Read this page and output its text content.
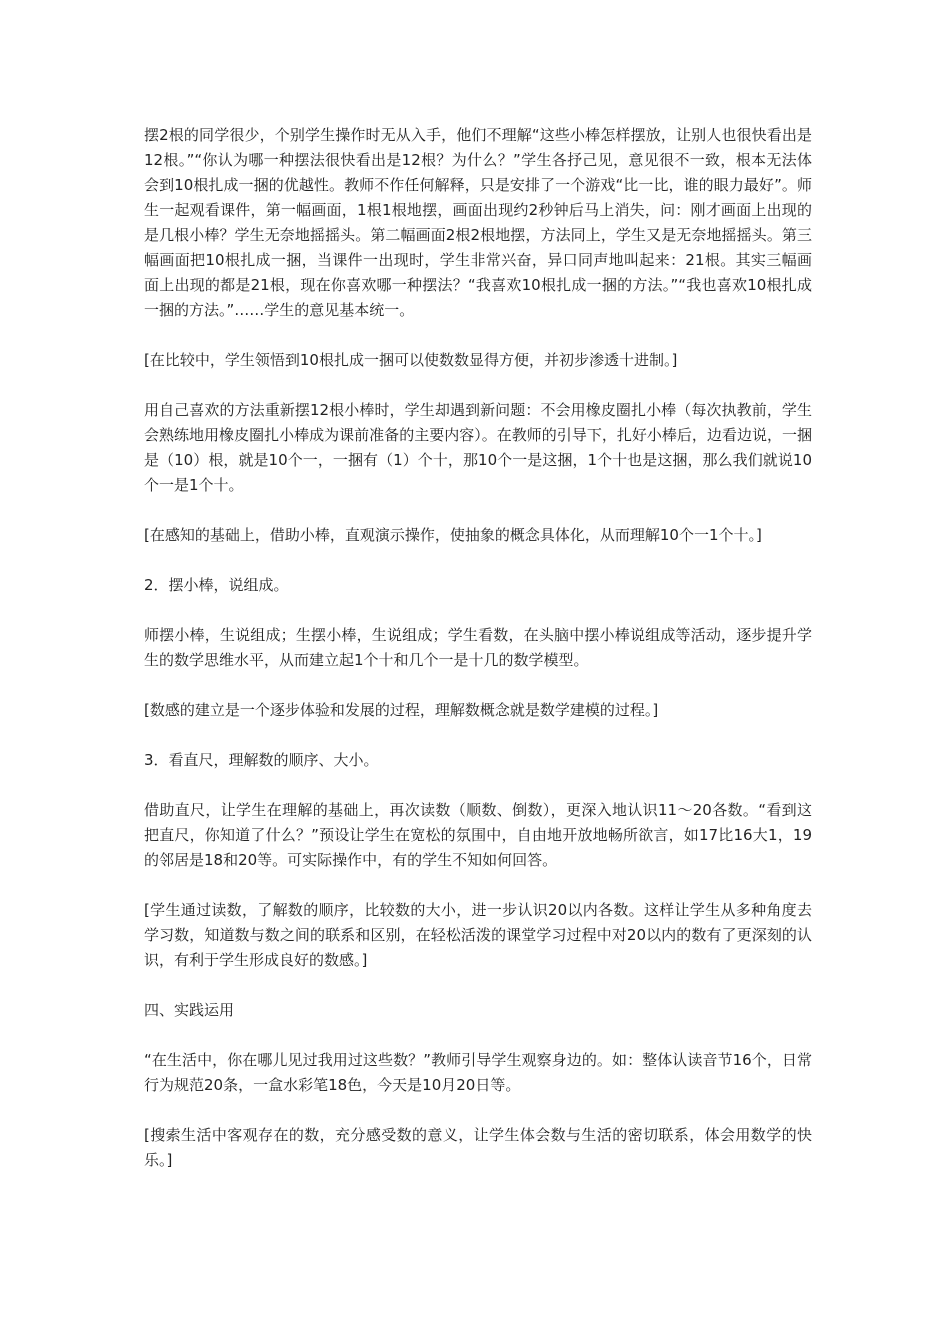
摆2根的同学很少，个别学生操作时无从入手，他们不理解“这些小棒怎样摆放，让别人也很快看出是12根。”“你认为哪一种摆法很快看出是12根？为什么？”学生各抒己见，意见很不一致，根本无法体会到10根扎成一捆的优越性。教师不作任何解释，只是安排了一个游戏“比一比，谁的眼力最好”。师生一起观看课件，第一幅画面，1根1根地摆，画面出现约2秒钟后马上消失，问：刚才画面上出现的是几根小棒？学生无奈地摇摇头。第二幅画面2根2根地摆，方法同上，学生又是无奈地摇摇头。第三幅画面把10根扎成一捆，当课件一出现时，学生非常兴奋，异口同声地叫起来：21根。其实三幅画面上出现的都是21根，现在你喜欢哪一种摆法？“我喜欢10根扎成一捆的方法。”“我也喜欢10根扎成一捆的方法。”……学生的意见基本统一。

[在比较中，学生领悟到10根扎成一捆可以使数数显得方便，并初步渗透十进制。]

用自己喜欢的方法重新摆12根小棒时，学生却遇到新问题：不会用橡皮圈扎小棒（每次执教前，学生会熟练地用橡皮圈扎小棒成为课前准备的主要内容）。在教师的引导下，扎好小棒后，边看边说，一捆是（10）根，就是10个一，一捆有（1）个十，那10个一是这捆，1个十也是这捆，那么我们就说10个一是1个十。

[在感知的基础上，借助小棒，直观演示操作，使抽象的概念具体化，从而理解10个一1个十。]

2．摆小棒，说组成。

师摆小棒，生说组成；生摆小棒，生说组成；学生看数，在头脑中摆小棒说组成等活动，逐步提升学生的数学思维水平，从而建立起1个十和几个一是十几的数学模型。

[数感的建立是一个逐步体验和发展的过程，理解数概念就是数学建模的过程。]

3．看直尺，理解数的顺序、大小。

借助直尺，让学生在理解的基础上，再次读数（顺数、倒数），更深入地认识11～20各数。“看到这把直尺，你知道了什么？”预设让学生在宽松的氛围中，自由地开放地畅所欲言，如17比16大1，19的邻居是18和20等。可实际操作中，有的学生不知如何回答。

[学生通过读数，了解数的顺序，比较数的大小，进一步认识20以内各数。这样让学生从多种角度去学习数，知道数与数之间的联系和区别，在轻松活泼的课堂学习过程中对20以内的数有了更深刻的认识，有利于学生形成良好的数感。]

四、实践运用

“在生活中，你在哪儿见过我用过这些数？”教师引导学生观察身边的。如：整体认读音节16个，日常行为规范20条，一盒水彩笔18色，今天是10月20日等。

[搜索生活中客观存在的数，充分感受数的意义，让学生体会数与生活的密切联系，体会用数学的快乐。]
